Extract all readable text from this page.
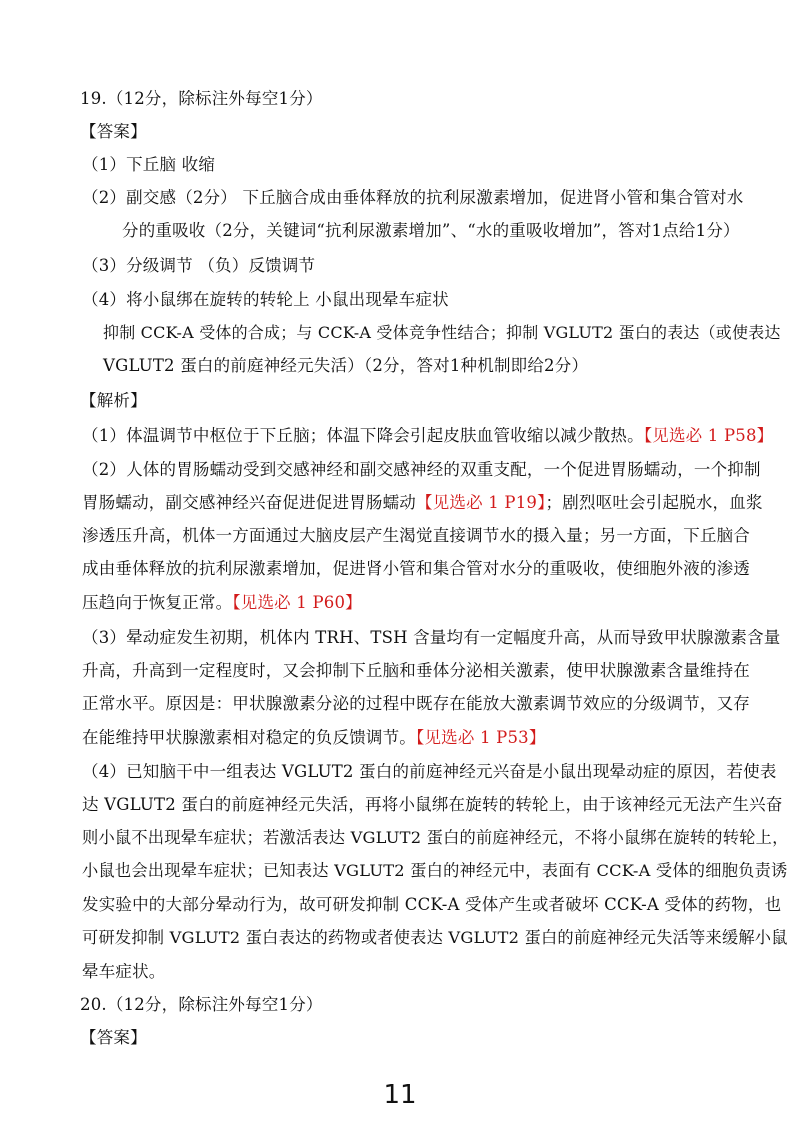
19.（12分，除标注外每空1分）
【答案】
（1）下丘脑 收缩
（2）副交感（2分） 下丘脑合成由垂体释放的抗利尿激素增加，促进肾小管和集合管对水
分的重吸收（2分，关键词“抗利尿激素增加”、“水的重吸收增加”，答对1点给1分）
（3）分级调节 （负）反馈调节
（4）将小鼠绑在旋转的转轮上 小鼠出现晕车症状
抑制 CCK-A 受体的合成；与 CCK-A 受体竞争性结合；抑制 VGLUT2 蛋白的表达（或使表达
VGLUT2 蛋白的前庭神经元失活）（2分，答对1种机制即给2分）
【解析】
（1）体温调节中枢位于下丘脑；体温下降会引起皮肤血管收缩以减少散热。【见选必 1 P58】
（2）人体的胃肠蠕动受到交感神经和副交感神经的双重支配，一个促进胃肠蠕动，一个抑制
胃肠蠕动，副交感神经兴奋促进促进胃肠蠕动【见选必 1 P19】；剧烈呕吐会引起脱水，血浆
渗透压升高，机体一方面通过大脑皮层产生渴觉直接调节水的摄入量；另一方面，下丘脑合
成由垂体释放的抗利尿激素增加，促进肾小管和集合管对水分的重吸收，使细胞外液的渗透
压趋向于恢复正常。【见选必 1 P60】
（3）晕动症发生初期，机体内 TRH、TSH 含量均有一定幅度升高，从而导致甲状腺激素含量
升高，升高到一定程度时，又会抑制下丘脑和垂体分泌相关激素，使甲状腺激素含量维持在
正常水平。原因是：甲状腺激素分泌的过程中既存在能放大激素调节效应的分级调节，又存
在能维持甲状腺激素相对稳定的负反馈调节。【见选必 1 P53】
（4）已知脑干中一组表达 VGLUT2 蛋白的前庭神经元兴奋是小鼠出现晕动症的原因，若使表
达 VGLUT2 蛋白的前庭神经元失活，再将小鼠绑在旋转的转轮上，由于该神经元无法产生兴奋
则小鼠不出现晕车症状；若激活表达 VGLUT2 蛋白的前庭神经元，不将小鼠绑在旋转的转轮上，
小鼠也会出现晕车症状；已知表达 VGLUT2 蛋白的神经元中，表面有 CCK-A 受体的细胞负责诱
发实验中的大部分晕动行为，故可研发抑制 CCK-A 受体产生或者破坏 CCK-A 受体的药物，也
可研发抑制 VGLUT2 蛋白表达的药物或者使表达 VGLUT2 蛋白的前庭神经元失活等来缓解小鼠
晕车症状。
20.（12分，除标注外每空1分）
【答案】
11
